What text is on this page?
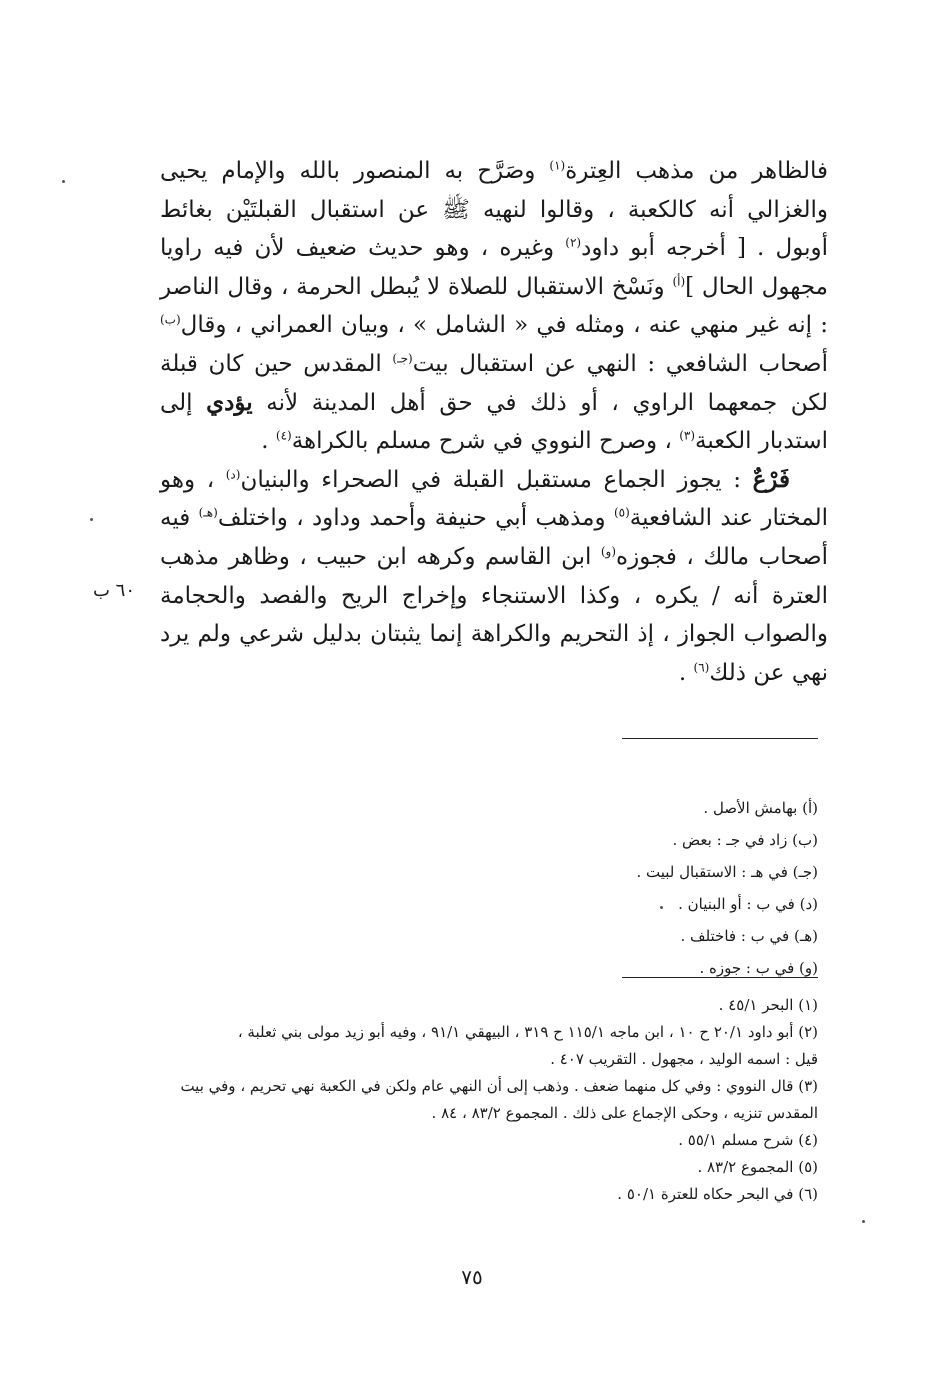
فالظاهر من مذهب العِترة$^{(١)}$ وصَرَّح به المنصور بالله والإمام يحيى والغزالي أنه كالكعبة ، وقالوا لنهيه ﷺ عن استقبال القبلتَيْن بغائط أوبول . [ أخرجه أبو داود$^{(٢)}$ وغيره ، وهو حديث ضعيف لأن فيه راويا مجهول الحال ]$^{(أ)}$ ونَسْخ الاستقبال للصلاة لا يُبطل الحرمة ، وقال الناصر : إنه غير منهي عنه ، ومثله في « الشامل » ، وبيان العمراني ، وقال$^{(ب)}$ أصحاب الشافعي : النهي عن استقبال بيت$^{(جـ)}$ المقدس حين كان قبلة لكن جمعهما الراوي ، أو ذلك في حق أهل المدينة لأنه يؤدي إلى استدبار الكعبة$^{(٣)}$ ، وصرح النووي في شرح مسلم بالكراهة$^{(٤)}$ .

فَرْعٌ : يجوز الجماع مستقبل القبلة في الصحراء والبنيان$^{(د)}$ ، وهو المختار عند الشافعية$^{(٥)}$ ومذهب أبي حنيفة وأحمد وداود ، واختلف$^{(هـ)}$ فيه أصحاب مالك ، فجوزه$^{(و)}$ ابن القاسم وكرهه ابن حبيب ، وظاهر مذهب العترة أنه / يكره ، وكذا الاستنجاء وإخراج الريح والفصد والحجامة والصواب الجواز ، إذ التحريم والكراهة إنما يثبتان بدليل شرعي ولم يرد نهي عن ذلك$^{(٦)}$ .

٦٠ ب

(أ) بهامش الأصل .

(ب) زاد في جـ : بعض .

(جـ) في هـ : الاستقبال لبيت .

(د) في ب : أو البنيان .

(هـ) في ب : فاختلف .

(و) في ب : جوزه .

(١) البحر ٤٥/١ .

(٢) أبو داود ٢٠/١ ح ١٠ ، ابن ماجه ١١٥/١ ح ٣١٩ ، البيهقي ٩١/١ ، وفيه أبو زيد مولى بني ثعلبة ،

قيل : اسمه الوليد ، مجهول . التقريب ٤٠٧ .

(٣) قال النووي : وفي كل منهما ضعف . وذهب إلى أن النهي عام ولكن في الكعبة نهي تحريم ، وفي بيت

المقدس تنزيه ، وحكى الإجماع على ذلك . المجموع ٨٣/٢ ، ٨٤ .

(٤) شرح مسلم ٥٥/١ .

(٥) المجموع ٨٣/٢ .

(٦) في البحر حكاه للعترة ٥٠/١ .

٧٥
